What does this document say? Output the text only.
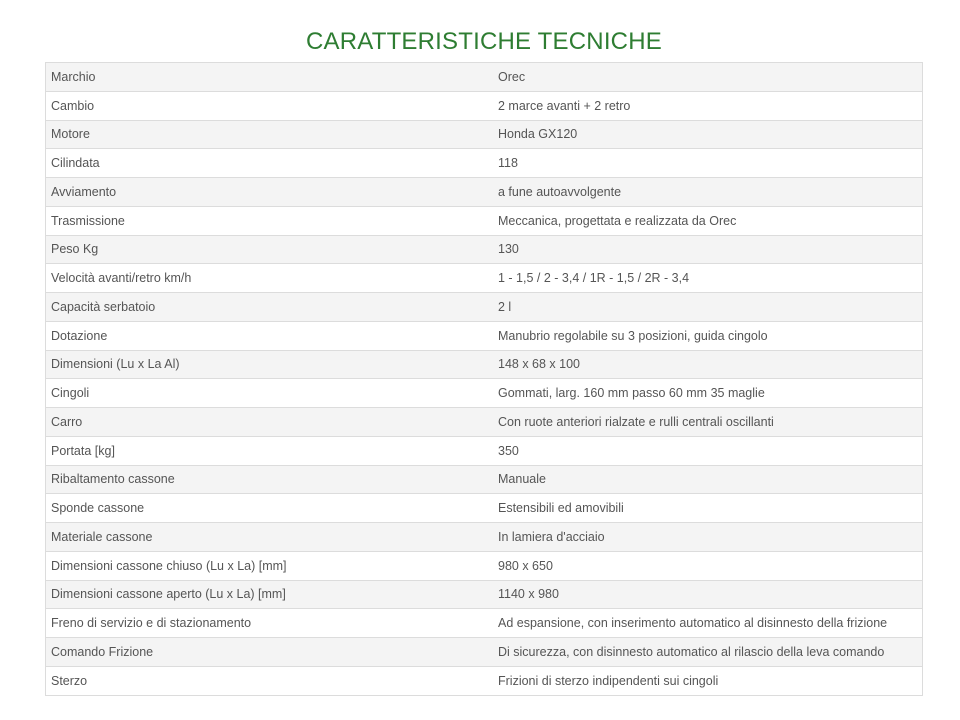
CARATTERISTICHE TECNICHE
Marchio	Orec
Cambio	2 marce avanti + 2 retro
Motore	Honda GX120
Cilindata	118
Avviamento	a fune autoavvolgente
Trasmissione	Meccanica, progettata e realizzata da Orec
Peso Kg	130
Velocità avanti/retro km/h	1 - 1,5 / 2 - 3,4 / 1R - 1,5 / 2R - 3,4
Capacità serbatoio	2 l
Dotazione	Manubrio regolabile su 3 posizioni, guida cingolo
Dimensioni (Lu x La Al)	148 x 68 x 100
Cingoli	Gommati, larg. 160 mm passo 60 mm 35 maglie
Carro	Con ruote anteriori rialzate e rulli centrali oscillanti
Portata [kg]	350
Ribaltamento cassone	Manuale
Sponde cassone	Estensibili ed amovibili
Materiale cassone	In lamiera d'acciaio
Dimensioni cassone chiuso (Lu x La) [mm]	980 x 650
Dimensioni cassone aperto (Lu x La) [mm]	1140 x 980
Freno di servizio e di stazionamento	Ad espansione, con inserimento automatico al disinnesto della frizione
Comando Frizione	Di sicurezza, con disinnesto automatico al rilascio della leva comando
Sterzo	Frizioni di sterzo indipendenti sui cingoli
